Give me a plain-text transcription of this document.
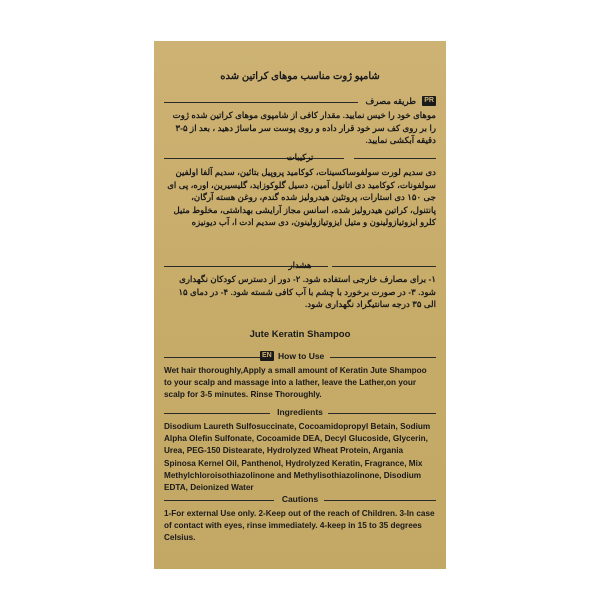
شامپو ژوت مناسب موهای کراتین شده
PR
طریقه مصرف

موهای خود را خیس نمایید. مقدار کافی از شامپوی موهای کراتین شده ژوت را بر روی کف سر خود قرار داده و روی پوست سر ماساژ دهید ، بعد از ۵-۳ دقیقه آبکشی نمایید.

ترکیبات

دی سدیم لورت سولفوساکسینات، کوکامید پروپیل بتائین، سدیم آلفا اولفین سولفونات، کوکامید دی اتانول آمین، دسیل گلوکوزاید، گلیسیرین، اوره، پی ای جی ۱۵۰ دی استارات، پروتئین هیدرولیز شده گندم، روغن هسته آرگان، پانتنول، کراتین هیدرولیز شده، اسانس مجاز آرایشی بهداشتی، مخلوط متیل کلرو ایزوتیازولینون و متیل ایزوتیازولینون، دی سدیم ادت ا، آب دیونیزه

هشدار

۱- برای مصارف خارجی استفاده شود. ۲- دور از دسترس کودکان نگهداری شود. ۳- در صورت برخورد با چشم با آب کافی شسته شود. ۴- در دمای ۱۵ الی ۳۵ درجه سانتیگراد نگهداری شود.

Jute Keratin Shampoo
EN How to Use

Wet hair thoroughly,Apply a small amount of Keratin Jute Shampoo to your scalp and massage into a lather, leave the Lather,on your scalp for 3-5 minutes. Rinse Thoroughly.

Ingredients

Disodium Laureth Sulfosuccinate, Cocoamidopropyl Betain, Sodium Alpha Olefin Sulfonate, Cocoamide DEA, Decyl Glucoside, Glycerin, Urea, PEG-150 Distearate, Hydrolyzed Wheat Protein, Argania Spinosa Kernel Oil, Panthenol, Hydrolyzed Keratin, Fragrance, Mix Methylchloroisothiazolinone and Methylisothiazolinone, Disodium EDTA, Deionized Water

Cautions

1-For external Use only. 2-Keep out of the reach of Children. 3-In case of contact with eyes, rinse immediately. 4-keep in 15 to 35 degrees Celsius.
